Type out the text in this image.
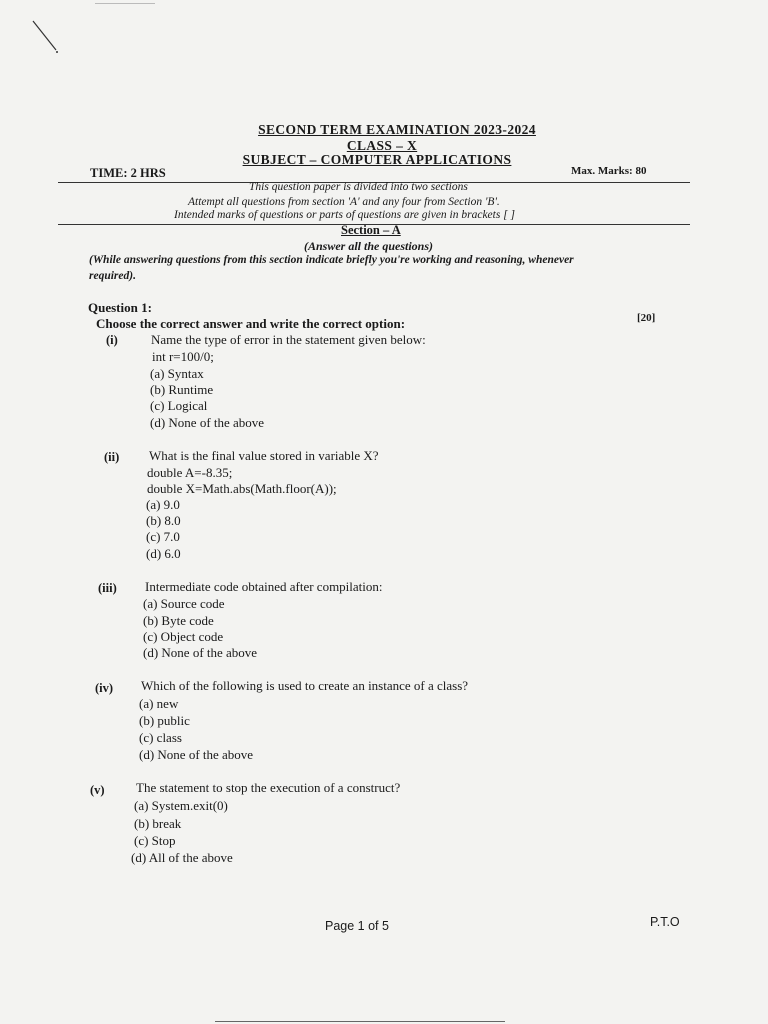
SECOND TERM EXAMINATION 2023-2024
CLASS – X
SUBJECT – COMPUTER APPLICATIONS
TIME: 2 HRS	Max. Marks: 80
This question paper is divided into two sections
Attempt all questions from section 'A' and any four from Section 'B'.
Intended marks of questions or parts of questions are given in brackets [ ]
Section – A
(Answer all the questions)
(While answering questions from this section indicate briefly you're working and reasoning, whenever
required).
Question 1:
Choose the correct answer and write the correct option:	[20]
(i)	Name the type of error in the statement given below:
int r=100/0;
(a) Syntax
(b) Runtime
(c) Logical
(d) None of the above
(ii) What is the final value stored in variable X?
double A=-8.35;
double X=Math.abs(Math.floor(A));
(a) 9.0
(b) 8.0
(c) 7.0
(d) 6.0
(iii) Intermediate code obtained after compilation:
(a) Source code
(b) Byte code
(c) Object code
(d) None of the above
(iv) Which of the following is used to create an instance of a class?
(a) new
(b) public
(c) class
(d) None of the above
(v) The statement to stop the execution of a construct?
(a) System.exit(0)
(b) break
(c) Stop
(d) All of the above
Page 1 of 5	P.T.O
